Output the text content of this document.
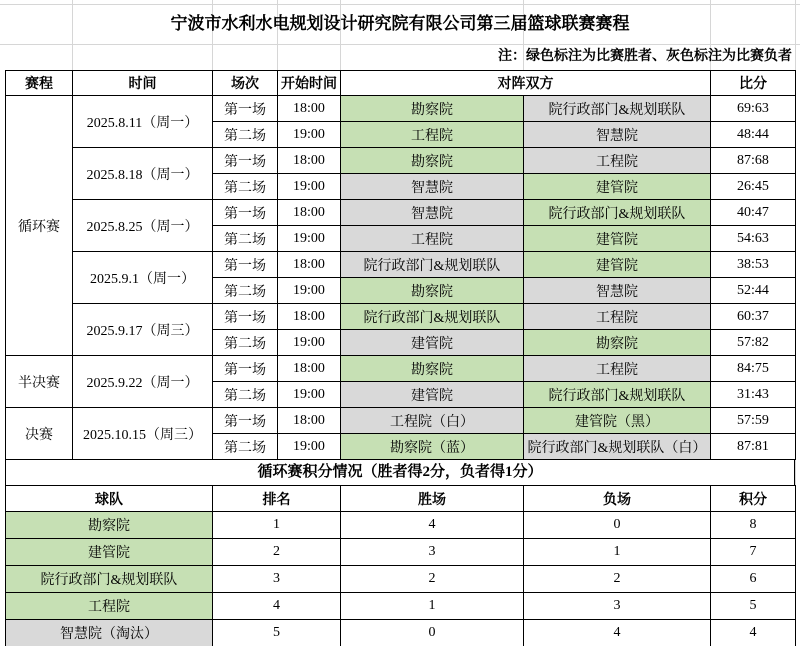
宁波市水利水电规划设计研究院有限公司第三届篮球联赛赛程
注：绿色标注为比赛胜者、灰色标注为比赛负者
赛程	时间	场次	开始时间	对阵双方		比分
循环赛	2025.8.11（周一）	第一场	18:00	勘察院	院行政部门&规划联队	69:63
		第二场	19:00	工程院	智慧院	48:44
	2025.8.18（周一）	第一场	18:00	勘察院	工程院	87:68
		第二场	19:00	智慧院	建管院	26:45
	2025.8.25（周一）	第一场	18:00	智慧院	院行政部门&规划联队	40:47
		第二场	19:00	工程院	建管院	54:63
	2025.9.1（周一）	第一场	18:00	院行政部门&规划联队	建管院	38:53
		第二场	19:00	勘察院	智慧院	52:44
	2025.9.17（周三）	第一场	18:00	院行政部门&规划联队	工程院	60:37
		第二场	19:00	建管院	勘察院	57:82
半决赛	2025.9.22（周一）	第一场	18:00	勘察院	工程院	84:75
		第二场	19:00	建管院	院行政部门&规划联队	31:43
决赛	2025.10.15（周三）	第一场	18:00	工程院（白）	建管院（黑）	57:59
		第二场	19:00	勘察院（蓝）	院行政部门&规划联队（白）	87:81
循环赛积分情况（胜者得2分，负者得1分）
球队	排名	胜场	负场	积分
勘察院	1	4	0	8
建管院	2	3	1	7
院行政部门&规划联队	3	2	2	6
工程院	4	1	3	5
智慧院（淘汰）	5	0	4	4
